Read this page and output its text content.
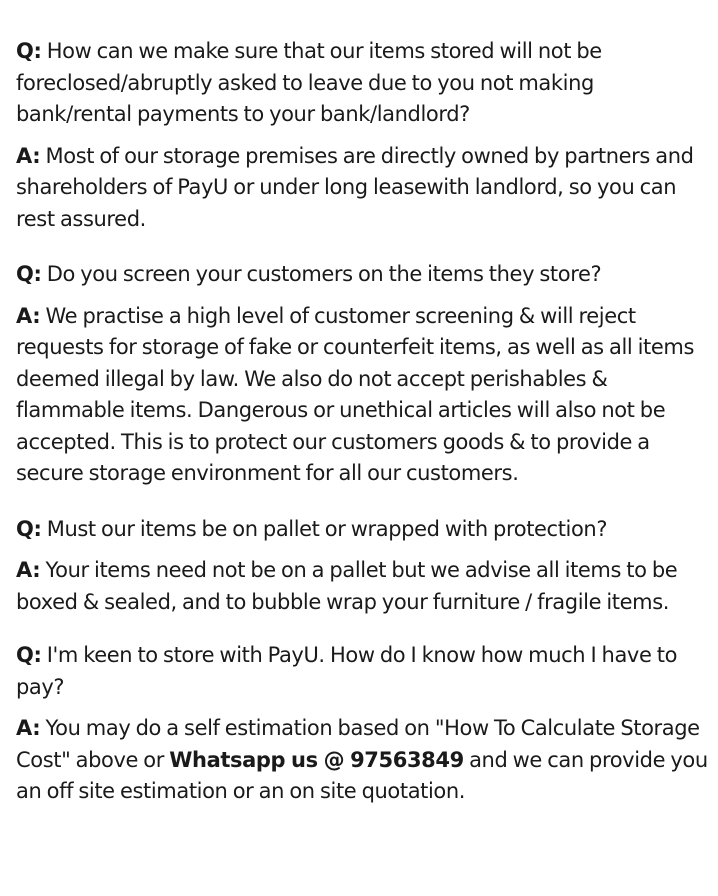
Q: How can we make sure that our items stored will not be foreclosed/abruptly asked to leave due to you not making bank/rental payments to your bank/landlord?

A: Most of our storage premises are directly owned by partners and shareholders of PayU or under long leasewith landlord, so you can rest assured.

Q: Do you screen your customers on the items they store?

A: We practise a high level of customer screening & will reject requests for storage of fake or counterfeit items, as well as all items deemed illegal by law. We also do not accept perishables & flammable items. Dangerous or unethical articles will also not be accepted. This is to protect our customers goods & to provide a secure storage environment for all our customers.

Q: Must our items be on pallet or wrapped with protection?

A: Your items need not be on a pallet but we advise all items to be boxed & sealed, and to bubble wrap your furniture / fragile items.

Q: I'm keen to store with PayU. How do I know how much I have to pay?

A: You may do a self estimation based on "How To Calculate Storage Cost" above or Whatsapp us @ 97563849 and we can provide you an off site estimation or an on site quotation.
